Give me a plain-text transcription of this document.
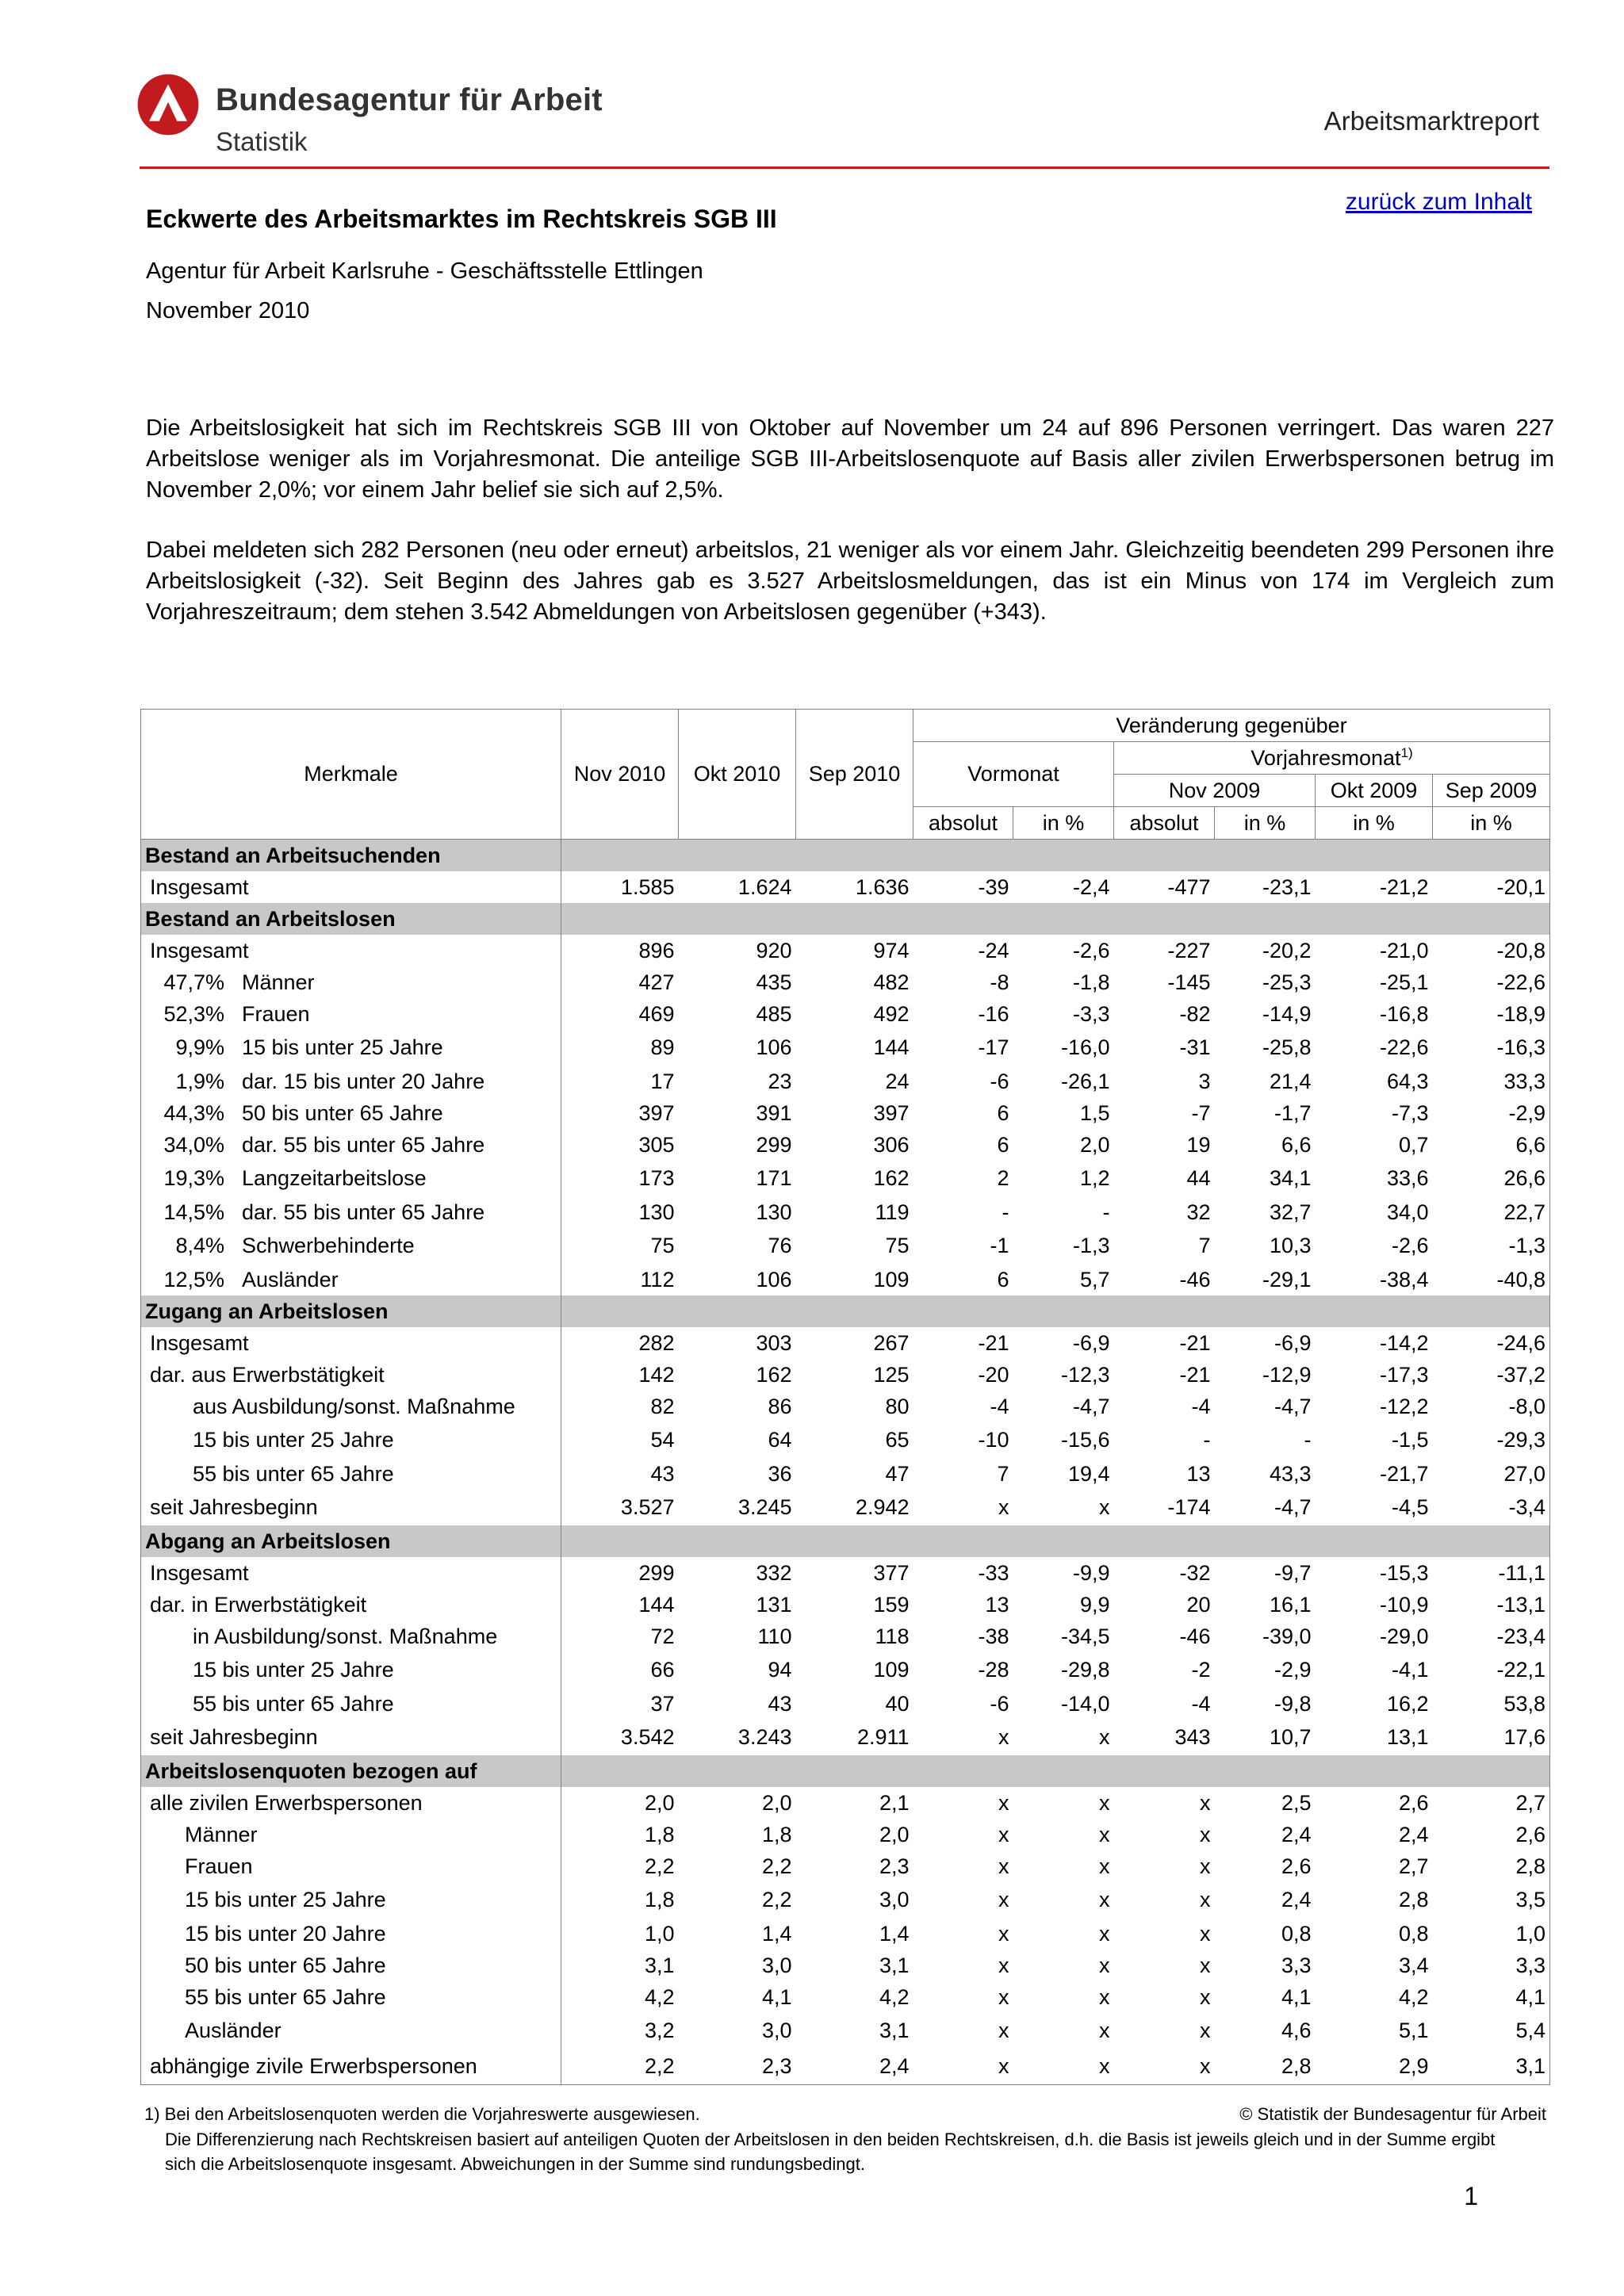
Bundesagentur für Arbeit
Statistik
Arbeitsmarktreport
zurück zum Inhalt
Eckwerte des Arbeitsmarktes im Rechtskreis SGB III
Agentur für Arbeit Karlsruhe - Geschäftsstelle Ettlingen
November 2010

Die Arbeitslosigkeit hat sich im Rechtskreis SGB III von Oktober auf November um 24 auf 896 Personen verringert. Das waren 227 Arbeitslose weniger als im Vorjahresmonat. Die anteilige SGB III-Arbeitslosenquote auf Basis aller zivilen Erwerbspersonen betrug im November 2,0%; vor einem Jahr belief sie sich auf 2,5%.

Dabei meldeten sich 282 Personen (neu oder erneut) arbeitslos, 21 weniger als vor einem Jahr. Gleichzeitig beendeten 299 Personen ihre Arbeitslosigkeit (-32). Seit Beginn des Jahres gab es 3.527 Arbeitslosmeldungen, das ist ein Minus von 174 im Vergleich zum Vorjahreszeitraum; dem stehen 3.542 Abmeldungen von Arbeitslosen gegenüber (+343).

Merkmale	Nov 2010	Okt 2010	Sep 2010	Veränderung gegenüber					
				Vormonat		Vorjahresmonat$^{1)}$
						Nov 2009		Okt 2009	Sep 2009
				absolut	in %	absolut	in %	in %	in %
Bestand an Arbeitsuchenden									
Insgesamt	1.585	1.624	1.636	-39	-2,4	-477	-23,1	-21,2	-20,1
Bestand an Arbeitslosen									
Insgesamt	896	920	974	-24	-2,6	-227	-20,2	-21,0	-20,8
47,7% Männer	427	435	482	-8	-1,8	-145	-25,3	-25,1	-22,6
52,3% Frauen	469	485	492	-16	-3,3	-82	-14,9	-16,8	-18,9
9,9% 15 bis unter 25 Jahre	89	106	144	-17	-16,0	-31	-25,8	-22,6	-16,3
1,9% dar. 15 bis unter 20 Jahre	17	23	24	-6	-26,1	3	21,4	64,3	33,3
44,3% 50 bis unter 65 Jahre	397	391	397	6	1,5	-7	-1,7	-7,3	-2,9
34,0% dar. 55 bis unter 65 Jahre	305	299	306	6	2,0	19	6,6	0,7	6,6
19,3% Langzeitarbeitslose	173	171	162	2	1,2	44	34,1	33,6	26,6
14,5% dar. 55 bis unter 65 Jahre	130	130	119	-	-	32	32,7	34,0	22,7
8,4% Schwerbehinderte	75	76	75	-1	-1,3	7	10,3	-2,6	-1,3
12,5% Ausländer	112	106	109	6	5,7	-46	-29,1	-38,4	-40,8
Zugang an Arbeitslosen									
Insgesamt	282	303	267	-21	-6,9	-21	-6,9	-14,2	-24,6
dar. aus Erwerbstätigkeit	142	162	125	-20	-12,3	-21	-12,9	-17,3	-37,2
aus Ausbildung/sonst. Maßnahme	82	86	80	-4	-4,7	-4	-4,7	-12,2	-8,0
15 bis unter 25 Jahre	54	64	65	-10	-15,6	-	-	-1,5	-29,3
55 bis unter 65 Jahre	43	36	47	7	19,4	13	43,3	-21,7	27,0
seit Jahresbeginn	3.527	3.245	2.942	x	x	-174	-4,7	-4,5	-3,4
Abgang an Arbeitslosen									
Insgesamt	299	332	377	-33	-9,9	-32	-9,7	-15,3	-11,1
dar. in Erwerbstätigkeit	144	131	159	13	9,9	20	16,1	-10,9	-13,1
in Ausbildung/sonst. Maßnahme	72	110	118	-38	-34,5	-46	-39,0	-29,0	-23,4
15 bis unter 25 Jahre	66	94	109	-28	-29,8	-2	-2,9	-4,1	-22,1
55 bis unter 65 Jahre	37	43	40	-6	-14,0	-4	-9,8	16,2	53,8
seit Jahresbeginn	3.542	3.243	2.911	x	x	343	10,7	13,1	17,6
Arbeitslosenquoten bezogen auf									
alle zivilen Erwerbspersonen	2,0	2,0	2,1	x	x	x	2,5	2,6	2,7
Männer	1,8	1,8	2,0	x	x	x	2,4	2,4	2,6
Frauen	2,2	2,2	2,3	x	x	x	2,6	2,7	2,8
15 bis unter 25 Jahre	1,8	2,2	3,0	x	x	x	2,4	2,8	3,5
15 bis unter 20 Jahre	1,0	1,4	1,4	x	x	x	0,8	0,8	1,0
50 bis unter 65 Jahre	3,1	3,0	3,1	x	x	x	3,3	3,4	3,3
55 bis unter 65 Jahre	4,2	4,1	4,2	x	x	x	4,1	4,2	4,1
Ausländer	3,2	3,0	3,1	x	x	x	4,6	5,1	5,4
abhängige zivile Erwerbspersonen	2,2	2,3	2,4	x	x	x	2,8	2,9	3,1
1) Bei den Arbeitslosenquoten werden die Vorjahreswerte ausgewiesen.	© Statistik der Bundesagentur für Arbeit

Die Differenzierung nach Rechtskreisen basiert auf anteiligen Quoten der Arbeitslosen in den beiden Rechtskreisen, d.h. die Basis ist jeweils gleich und in der Summe ergibt sich die Arbeitslosenquote insgesamt. Abweichungen in der Summe sind rundungsbedingt.

1
